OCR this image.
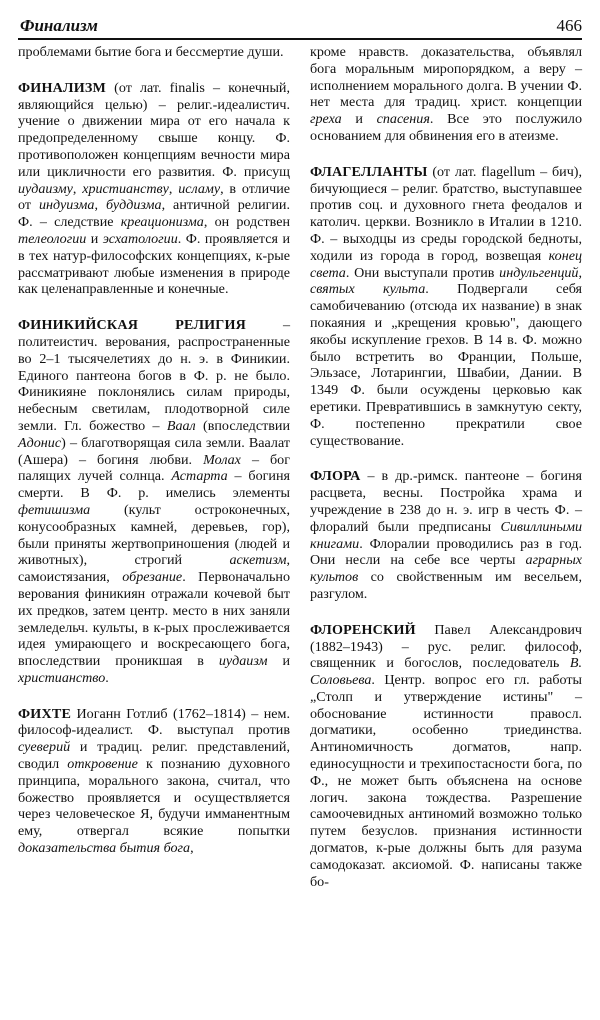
Финализм	466

проблемами бытие бога и бессмертие души.

ФИНАЛИЗМ (от лат. finalis – конечный, являющийся целью) – религ.-идеалистич. учение о движении мира от его начала к предопределенному свыше концу. Ф. противоположен концепциям вечности мира или цикличности его развития. Ф. присущ иудаизму, христианству, исламу, в отличие от индуизма, буддизма, античной религии. Ф. – следствие креационизма, он родствен телеологии и эсхатологии. Ф. проявляется и в тех натур-философских концепциях, к-рые рассматривают любые изменения в природе как целенаправленные и конечные.

ФИНИКИЙСКАЯ РЕЛИГИЯ – политеистич. верования, распространенные во 2–1 тысячелетиях до н. э. в Финикии. Единого пантеона богов в Ф. р. не было. Финикияне поклонялись силам природы, небесным светилам, плодотворной силе земли. Гл. божество – Ваал (впоследствии Адонис) – благотворящая сила земли. Ваалат (Ашера) – богиня любви. Молах – бог палящих лучей солнца. Астарта – богиня смерти. В Ф. р. имелись элементы фетишизма (культ остроконечных, конусообразных камней, деревьев, гор), были приняты жертвоприношения (людей и животных), строгий аскетизм, самоистязания, обрезание. Первоначально верования финикиян отражали кочевой быт их предков, затем центр. место в них заняли земледельч. культы, в к-рых прослеживается идея умирающего и воскресающего бога, впоследствии проникшая в иудаизм и христианство.

ФИХТЕ Иоганн Готлиб (1762–1814) – нем. философ-идеалист. Ф. выступал против суеверий и традиц. религ. представлений, сводил откровение к познанию духовного принципа, морального закона, считал, что божество проявляется и осуществляется через человеческое Я, будучи имманентным ему, отвергал всякие попытки доказательства бытия бога,

кроме нравств. доказательства, объявлял бога моральным миропорядком, а веру – исполнением морального долга. В учении Ф. нет места для традиц. христ. концепции греха и спасения. Все это послужило основанием для обвинения его в атеизме.

ФЛАГЕЛЛАНТЫ (от лат. flagellum – бич), бичующиеся – религ. братство, выступавшее против соц. и духовного гнета феодалов и католич. церкви. Возникло в Италии в 1210. Ф. – выходцы из среды городской бедноты, ходили из города в город, возвещая конец света. Они выступали против индульгенций, святых культа. Подвергали себя самобичеванию (отсюда их название) в знак покаяния и „крещения кровью", дающего якобы искупление грехов. В 14 в. Ф. можно было встретить во Франции, Польше, Эльзасе, Лотарингии, Швабии, Дании. В 1349 Ф. были осуждены церковью как еретики. Превратившись в замкнутую секту, Ф. постепенно прекратили свое существование.

ФЛОРА – в др.-римск. пантеоне – богиня расцвета, весны. Постройка храма и учреждение в 238 до н. э. игр в честь Ф. – флоралий были предписаны Сивиллиными книгами. Флоралии проводились раз в год. Они несли на себе все черты аграрных культов со свойственным им весельем, разгулом.

ФЛОРЕНСКИЙ Павел Александрович (1882–1943) – рус. религ. философ, священник и богослов, последователь В. Соловьева. Центр. вопрос его гл. работы „Столп и утверждение истины" – обоснование истинности правосл. догматики, особенно триединства. Антиномичность догматов, напр. единосущности и трехипостасности бога, по Ф., не может быть объяснена на основе логич. закона тождества. Разрешение самоочевидных антиномий возможно только путем безуслов. признания истинности догматов, к-рые должны быть для разума самодоказат. аксиомой. Ф. написаны также бо-
